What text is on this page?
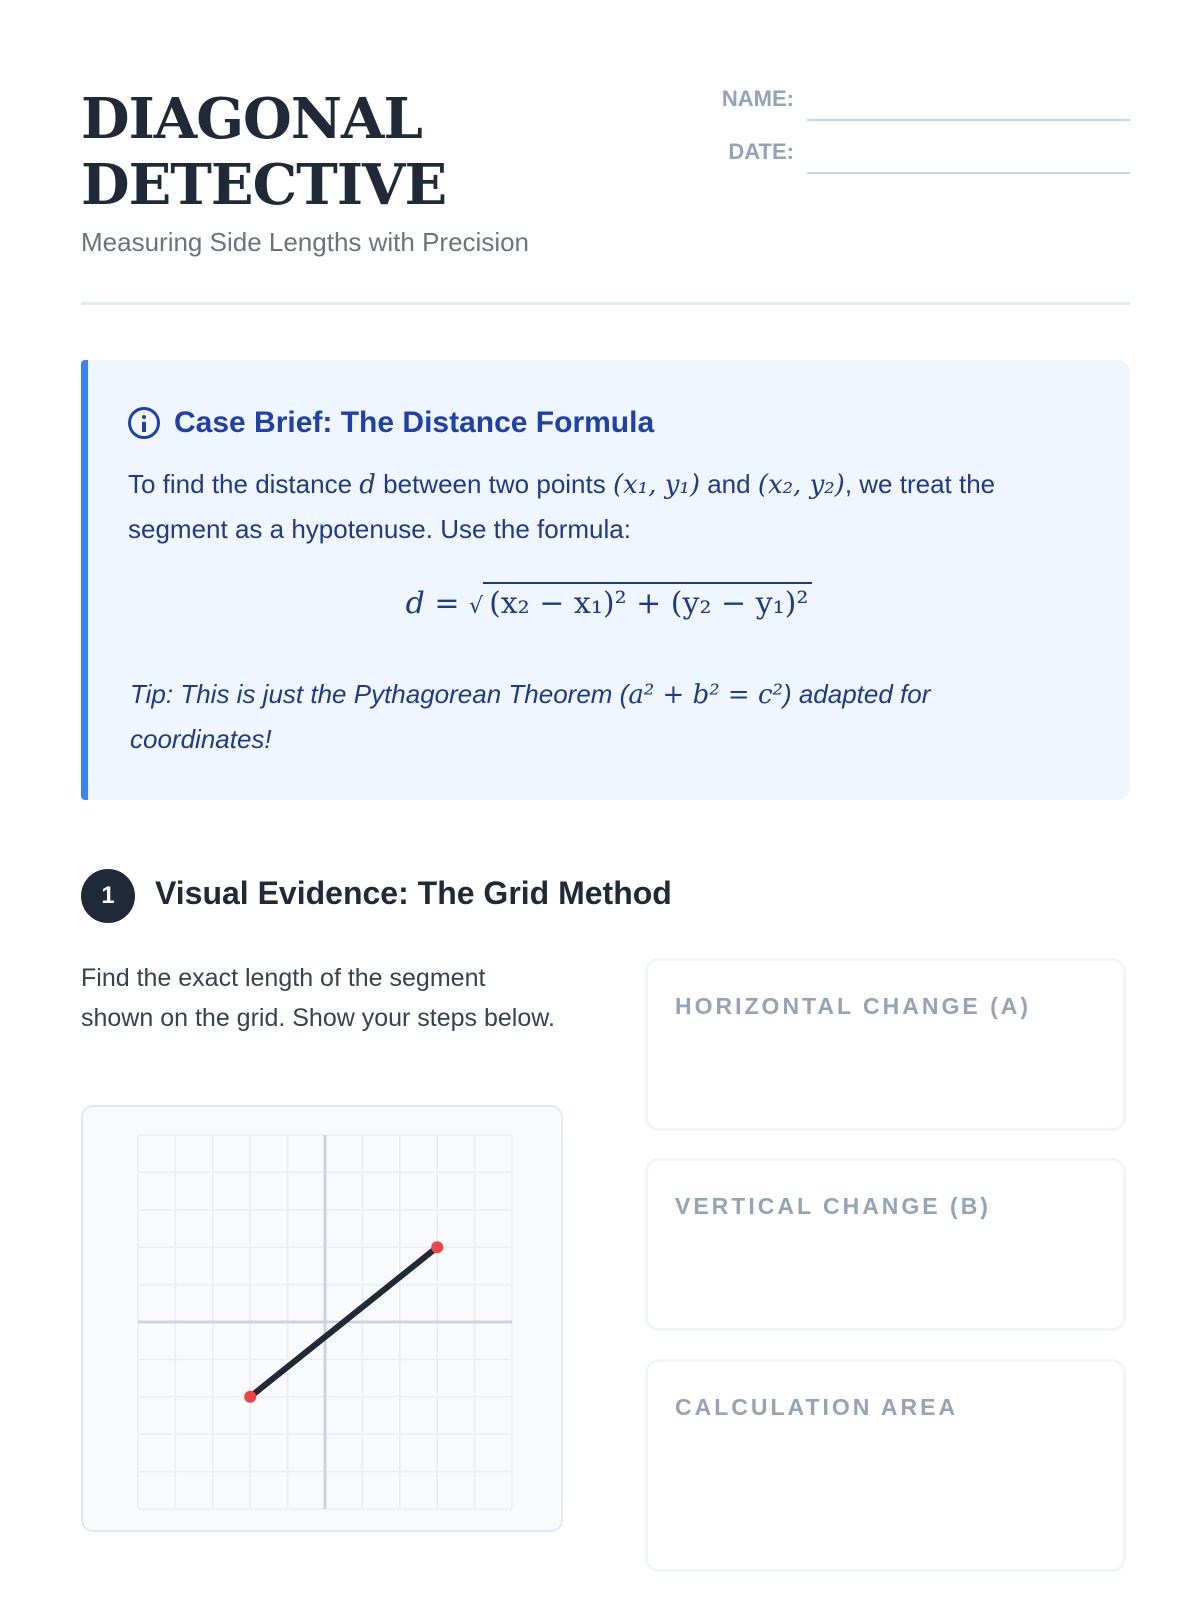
DIAGONAL
DETECTIVE
Measuring Side Lengths with Precision
NAME:
DATE:
Case Brief: The Distance Formula
To find the distance d between two points (x₁, y₁) and (x₂, y₂), we treat the segment as a hypotenuse. Use the formula:
d = √ (x₂ − x₁)² + (y₂ − y₁)²
Tip: This is just the Pythagorean Theorem (a² + b² = c²) adapted for coordinates!
1	Visual Evidence: The Grid Method
Find the exact length of the segment shown on the grid. Show your steps below.	HORIZONTAL CHANGE (A)
VERTICAL CHANGE (B)
CALCULATION AREA
